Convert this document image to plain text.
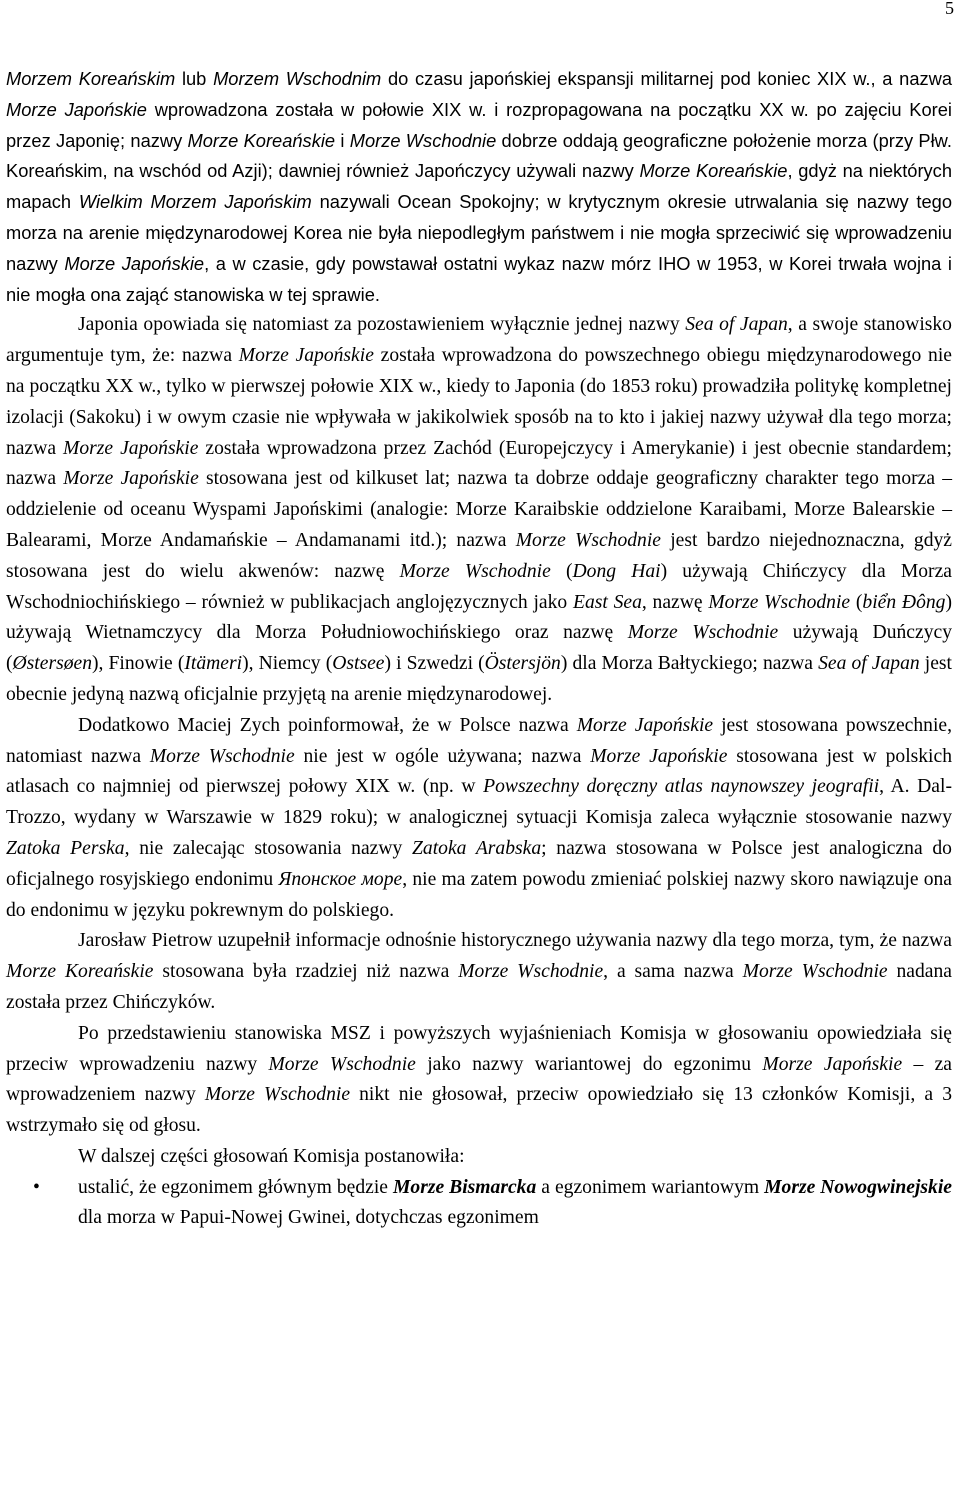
5

Morzem Koreańskim lub Morzem Wschodnim do czasu japońskiej ekspansji militarnej pod koniec XIX w., a nazwa Morze Japońskie wprowadzona została w połowie XIX w. i rozpropagowana na początku XX w. po zajęciu Korei przez Japonię; nazwy Morze Koreańskie i Morze Wschodnie dobrze oddają geograficzne położenie morza (przy Płw. Koreańskim, na wschód od Azji); dawniej również Japończycy używali nazwy Morze Koreańskie, gdyż na niektórych mapach Wielkim Morzem Japońskim nazywali Ocean Spokojny; w krytycznym okresie utrwalania się nazwy tego morza na arenie międzynarodowej Korea nie była niepodległym państwem i nie mogła sprzeciwić się wprowadzeniu nazwy Morze Japońskie, a w czasie, gdy powstawał ostatni wykaz nazw mórz IHO w 1953, w Korei trwała wojna i nie mogła ona zająć stanowiska w tej sprawie.

Japonia opowiada się natomiast za pozostawieniem wyłącznie jednej nazwy Sea of Japan, a swoje stanowisko argumentuje tym, że: nazwa Morze Japońskie została wprowadzona do powszechnego obiegu międzynarodowego nie na początku XX w., tylko w pierwszej połowie XIX w., kiedy to Japonia (do 1853 roku) prowadziła politykę kompletnej izolacji (Sakoku) i w owym czasie nie wpływała w jakikolwiek sposób na to kto i jakiej nazwy używał dla tego morza; nazwa Morze Japońskie została wprowadzona przez Zachód (Europejczycy i Amerykanie) i jest obecnie standardem; nazwa Morze Japońskie stosowana jest od kilkuset lat; nazwa ta dobrze oddaje geograficzny charakter tego morza – oddzielenie od oceanu Wyspami Japońskimi (analogie: Morze Karaibskie oddzielone Karaibami, Morze Balearskie – Balearami, Morze Andamańskie – Andamanami itd.); nazwa Morze Wschodnie jest bardzo niejednoznaczna, gdyż stosowana jest do wielu akwenów: nazwę Morze Wschodnie (Dong Hai) używają Chińczycy dla Morza Wschodniochińskiego – również w publikacjach anglojęzycznych jako East Sea, nazwę Morze Wschodnie (biển Đông) używają Wietnamczycy dla Morza Południowochińskiego oraz nazwę Morze Wschodnie używają Duńczycy (Østersøen), Finowie (Itämeri), Niemcy (Ostsee) i Szwedzi (Östersjön) dla Morza Bałtyckiego; nazwa Sea of Japan jest obecnie jedyną nazwą oficjalnie przyjętą na arenie międzynarodowej.

Dodatkowo Maciej Zych poinformował, że w Polsce nazwa Morze Japońskie jest stosowana powszechnie, natomiast nazwa Morze Wschodnie nie jest w ogóle używana; nazwa Morze Japońskie stosowana jest w polskich atlasach co najmniej od pierwszej połowy XIX w. (np. w Powszechny doręczny atlas naynowszey jeografii, A. Dal-Trozzo, wydany w Warszawie w 1829 roku); w analogicznej sytuacji Komisja zaleca wyłącznie stosowanie nazwy Zatoka Perska, nie zalecając stosowania nazwy Zatoka Arabska; nazwa stosowana w Polsce jest analogiczna do oficjalnego rosyjskiego endonimu Японское море, nie ma zatem powodu zmieniać polskiej nazwy skoro nawiązuje ona do endonimu w języku pokrewnym do polskiego.

Jarosław Pietrow uzupełnił informacje odnośnie historycznego używania nazwy dla tego morza, tym, że nazwa Morze Koreańskie stosowana była rzadziej niż nazwa Morze Wschodnie, a sama nazwa Morze Wschodnie nadana została przez Chińczyków.

Po przedstawieniu stanowiska MSZ i powyższych wyjaśnieniach Komisja w głosowaniu opowiedziała się przeciw wprowadzeniu nazwy Morze Wschodnie jako nazwy wariantowej do egzonimu Morze Japońskie – za wprowadzeniem nazwy Morze Wschodnie nikt nie głosował, przeciw opowiedziało się 13 członków Komisji, a 3 wstrzymało się od głosu.

W dalszej części głosowań Komisja postanowiła:

• ustalić, że egzonimem głównym będzie Morze Bismarcka a egzonimem wariantowym Morze Nowogwinejskie dla morza w Papui-Nowej Gwinei, dotychczas egzonimem
